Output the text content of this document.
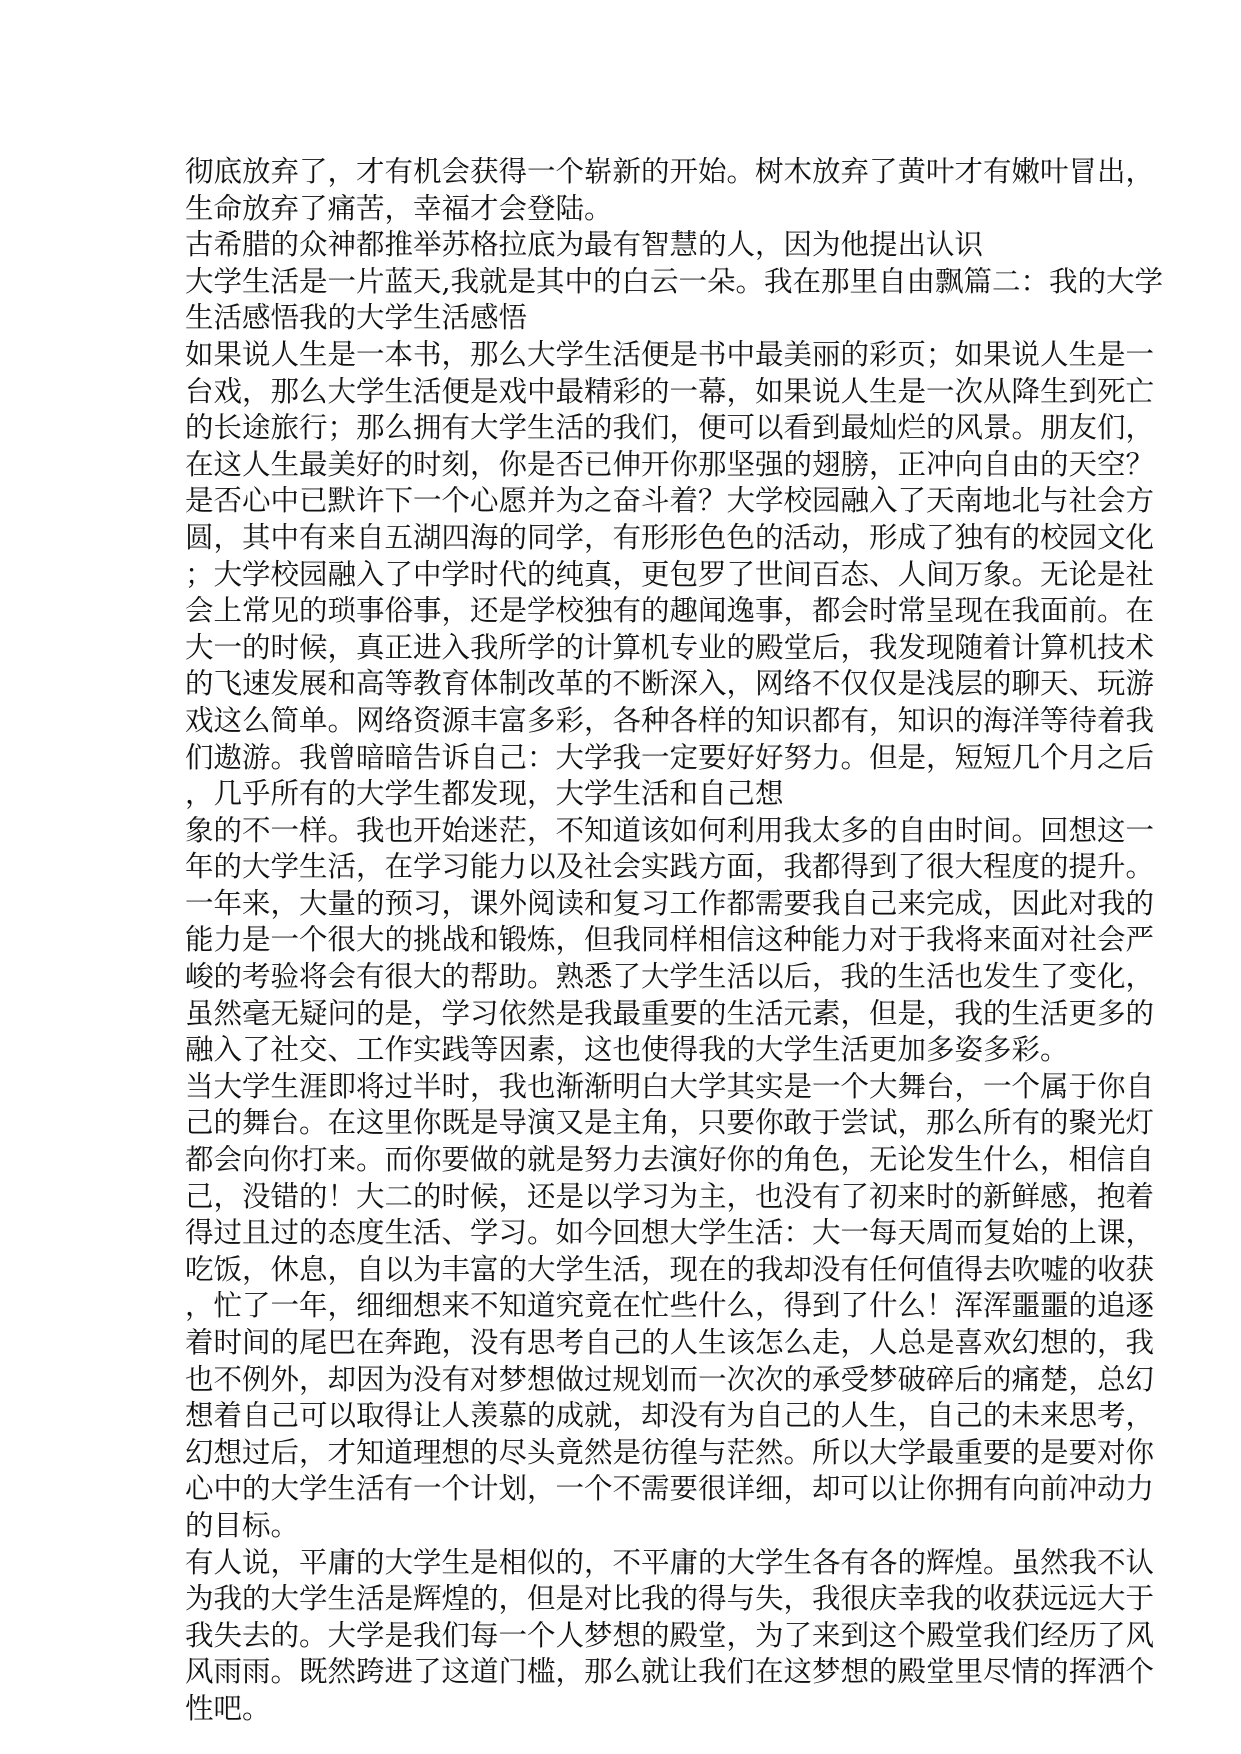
彻底放弃了，才有机会获得一个崭新的开始。树木放弃了黄叶才有嫩叶冒出，
生命放弃了痛苦，幸福才会登陆。
古希腊的众神都推举苏格拉底为最有智慧的人，因为他提出认识
大学生活是一片蓝天,我就是其中的白云一朵。我在那里自由飘篇二：我的大学
生活感悟我的大学生活感悟
如果说人生是一本书，那么大学生活便是书中最美丽的彩页；如果说人生是一
台戏，那么大学生活便是戏中最精彩的一幕，如果说人生是一次从降生到死亡
的长途旅行；那么拥有大学生活的我们，便可以看到最灿烂的风景。朋友们，
在这人生最美好的时刻，你是否已伸开你那坚强的翅膀，正冲向自由的天空？
是否心中已默许下一个心愿并为之奋斗着？大学校园融入了天南地北与社会方
圆，其中有来自五湖四海的同学，有形形色色的活动，形成了独有的校园文化
；大学校园融入了中学时代的纯真，更包罗了世间百态、人间万象。无论是社
会上常见的琐事俗事，还是学校独有的趣闻逸事，都会时常呈现在我面前。在
大一的时候，真正进入我所学的计算机专业的殿堂后，我发现随着计算机技术
的飞速发展和高等教育体制改革的不断深入，网络不仅仅是浅层的聊天、玩游
戏这么简单。网络资源丰富多彩，各种各样的知识都有，知识的海洋等待着我
们遨游。我曾暗暗告诉自己：大学我一定要好好努力。但是，短短几个月之后
，几乎所有的大学生都发现，大学生活和自己想
象的不一样。我也开始迷茫，不知道该如何利用我太多的自由时间。回想这一
年的大学生活，在学习能力以及社会实践方面，我都得到了很大程度的提升。
一年来，大量的预习，课外阅读和复习工作都需要我自己来完成，因此对我的
能力是一个很大的挑战和锻炼，但我同样相信这种能力对于我将来面对社会严
峻的考验将会有很大的帮助。熟悉了大学生活以后，我的生活也发生了变化，
虽然毫无疑问的是，学习依然是我最重要的生活元素，但是，我的生活更多的
融入了社交、工作实践等因素，这也使得我的大学生活更加多姿多彩。
当大学生涯即将过半时，我也渐渐明白大学其实是一个大舞台，一个属于你自
己的舞台。在这里你既是导演又是主角，只要你敢于尝试，那么所有的聚光灯
都会向你打来。而你要做的就是努力去演好你的角色，无论发生什么，相信自
己，没错的！大二的时候，还是以学习为主，也没有了初来时的新鲜感，抱着
得过且过的态度生活、学习。如今回想大学生活：大一每天周而复始的上课，
吃饭，休息，自以为丰富的大学生活，现在的我却没有任何值得去吹嘘的收获
，忙了一年，细细想来不知道究竟在忙些什么，得到了什么！浑浑噩噩的追逐
着时间的尾巴在奔跑，没有思考自己的人生该怎么走，人总是喜欢幻想的，我
也不例外，却因为没有对梦想做过规划而一次次的承受梦破碎后的痛楚，总幻
想着自己可以取得让人羡慕的成就，却没有为自己的人生，自己的未来思考，
幻想过后，才知道理想的尽头竟然是彷徨与茫然。所以大学最重要的是要对你
心中的大学生活有一个计划，一个不需要很详细，却可以让你拥有向前冲动力
的目标。
有人说，平庸的大学生是相似的，不平庸的大学生各有各的辉煌。虽然我不认
为我的大学生活是辉煌的，但是对比我的得与失，我很庆幸我的收获远远大于
我失去的。大学是我们每一个人梦想的殿堂，为了来到这个殿堂我们经历了风
风雨雨。既然跨进了这道门槛，那么就让我们在这梦想的殿堂里尽情的挥洒个
性吧。
